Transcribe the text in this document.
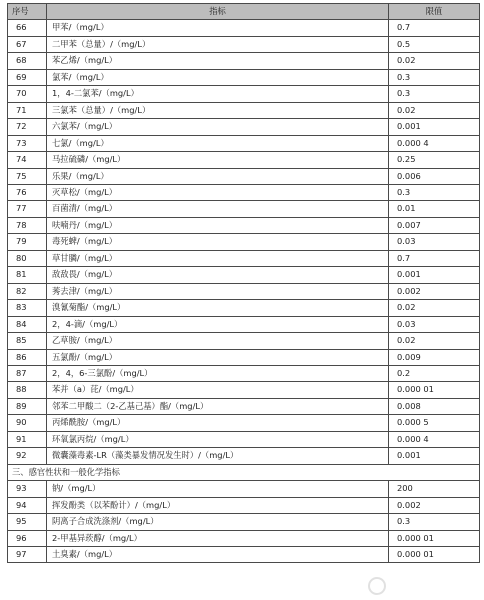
序号	指标	限值
66	甲苯/（mg/L）	0.7
67	二甲苯（总量）/（mg/L）	0.5
68	苯乙烯/（mg/L）	0.02
69	氯苯/（mg/L）	0.3
70	1，4-二氯苯/（mg/L）	0.3
71	三氯苯（总量）/（mg/L）	0.02
72	六氯苯/（mg/L）	0.001
73	七氯/（mg/L）	0.000 4
74	马拉硫磷/（mg/L）	0.25
75	乐果/（mg/L）	0.006
76	灭草松/（mg/L）	0.3
77	百菌清/（mg/L）	0.01
78	呋喃丹/（mg/L）	0.007
79	毒死蜱/（mg/L）	0.03
80	草甘膦/（mg/L）	0.7
81	敌敌畏/（mg/L）	0.001
82	莠去津/（mg/L）	0.002
83	溴氰菊酯/（mg/L）	0.02
84	2，4-滴/（mg/L）	0.03
85	乙草胺/（mg/L）	0.02
86	五氯酚/（mg/L）	0.009
87	2，4，6-三氯酚/（mg/L）	0.2
88	苯并（a）芘/（mg/L）	0.000 01
89	邻苯二甲酸二（2-乙基己基）酯/（mg/L）	0.008
90	丙烯酰胺/（mg/L）	0.000 5
91	环氧氯丙烷/（mg/L）	0.000 4
92	微囊藻毒素-LR（藻类暴发情况发生时）/（mg/L）	0.001
三、感官性状和一般化学指标		
93	钠/（mg/L）	200
94	挥发酚类（以苯酚计）/（mg/L）	0.002
95	阴离子合成洗涤剂/（mg/L）	0.3
96	2-甲基异莰醇/（mg/L）	0.000 01
97	土臭素/（mg/L）	0.000 01
